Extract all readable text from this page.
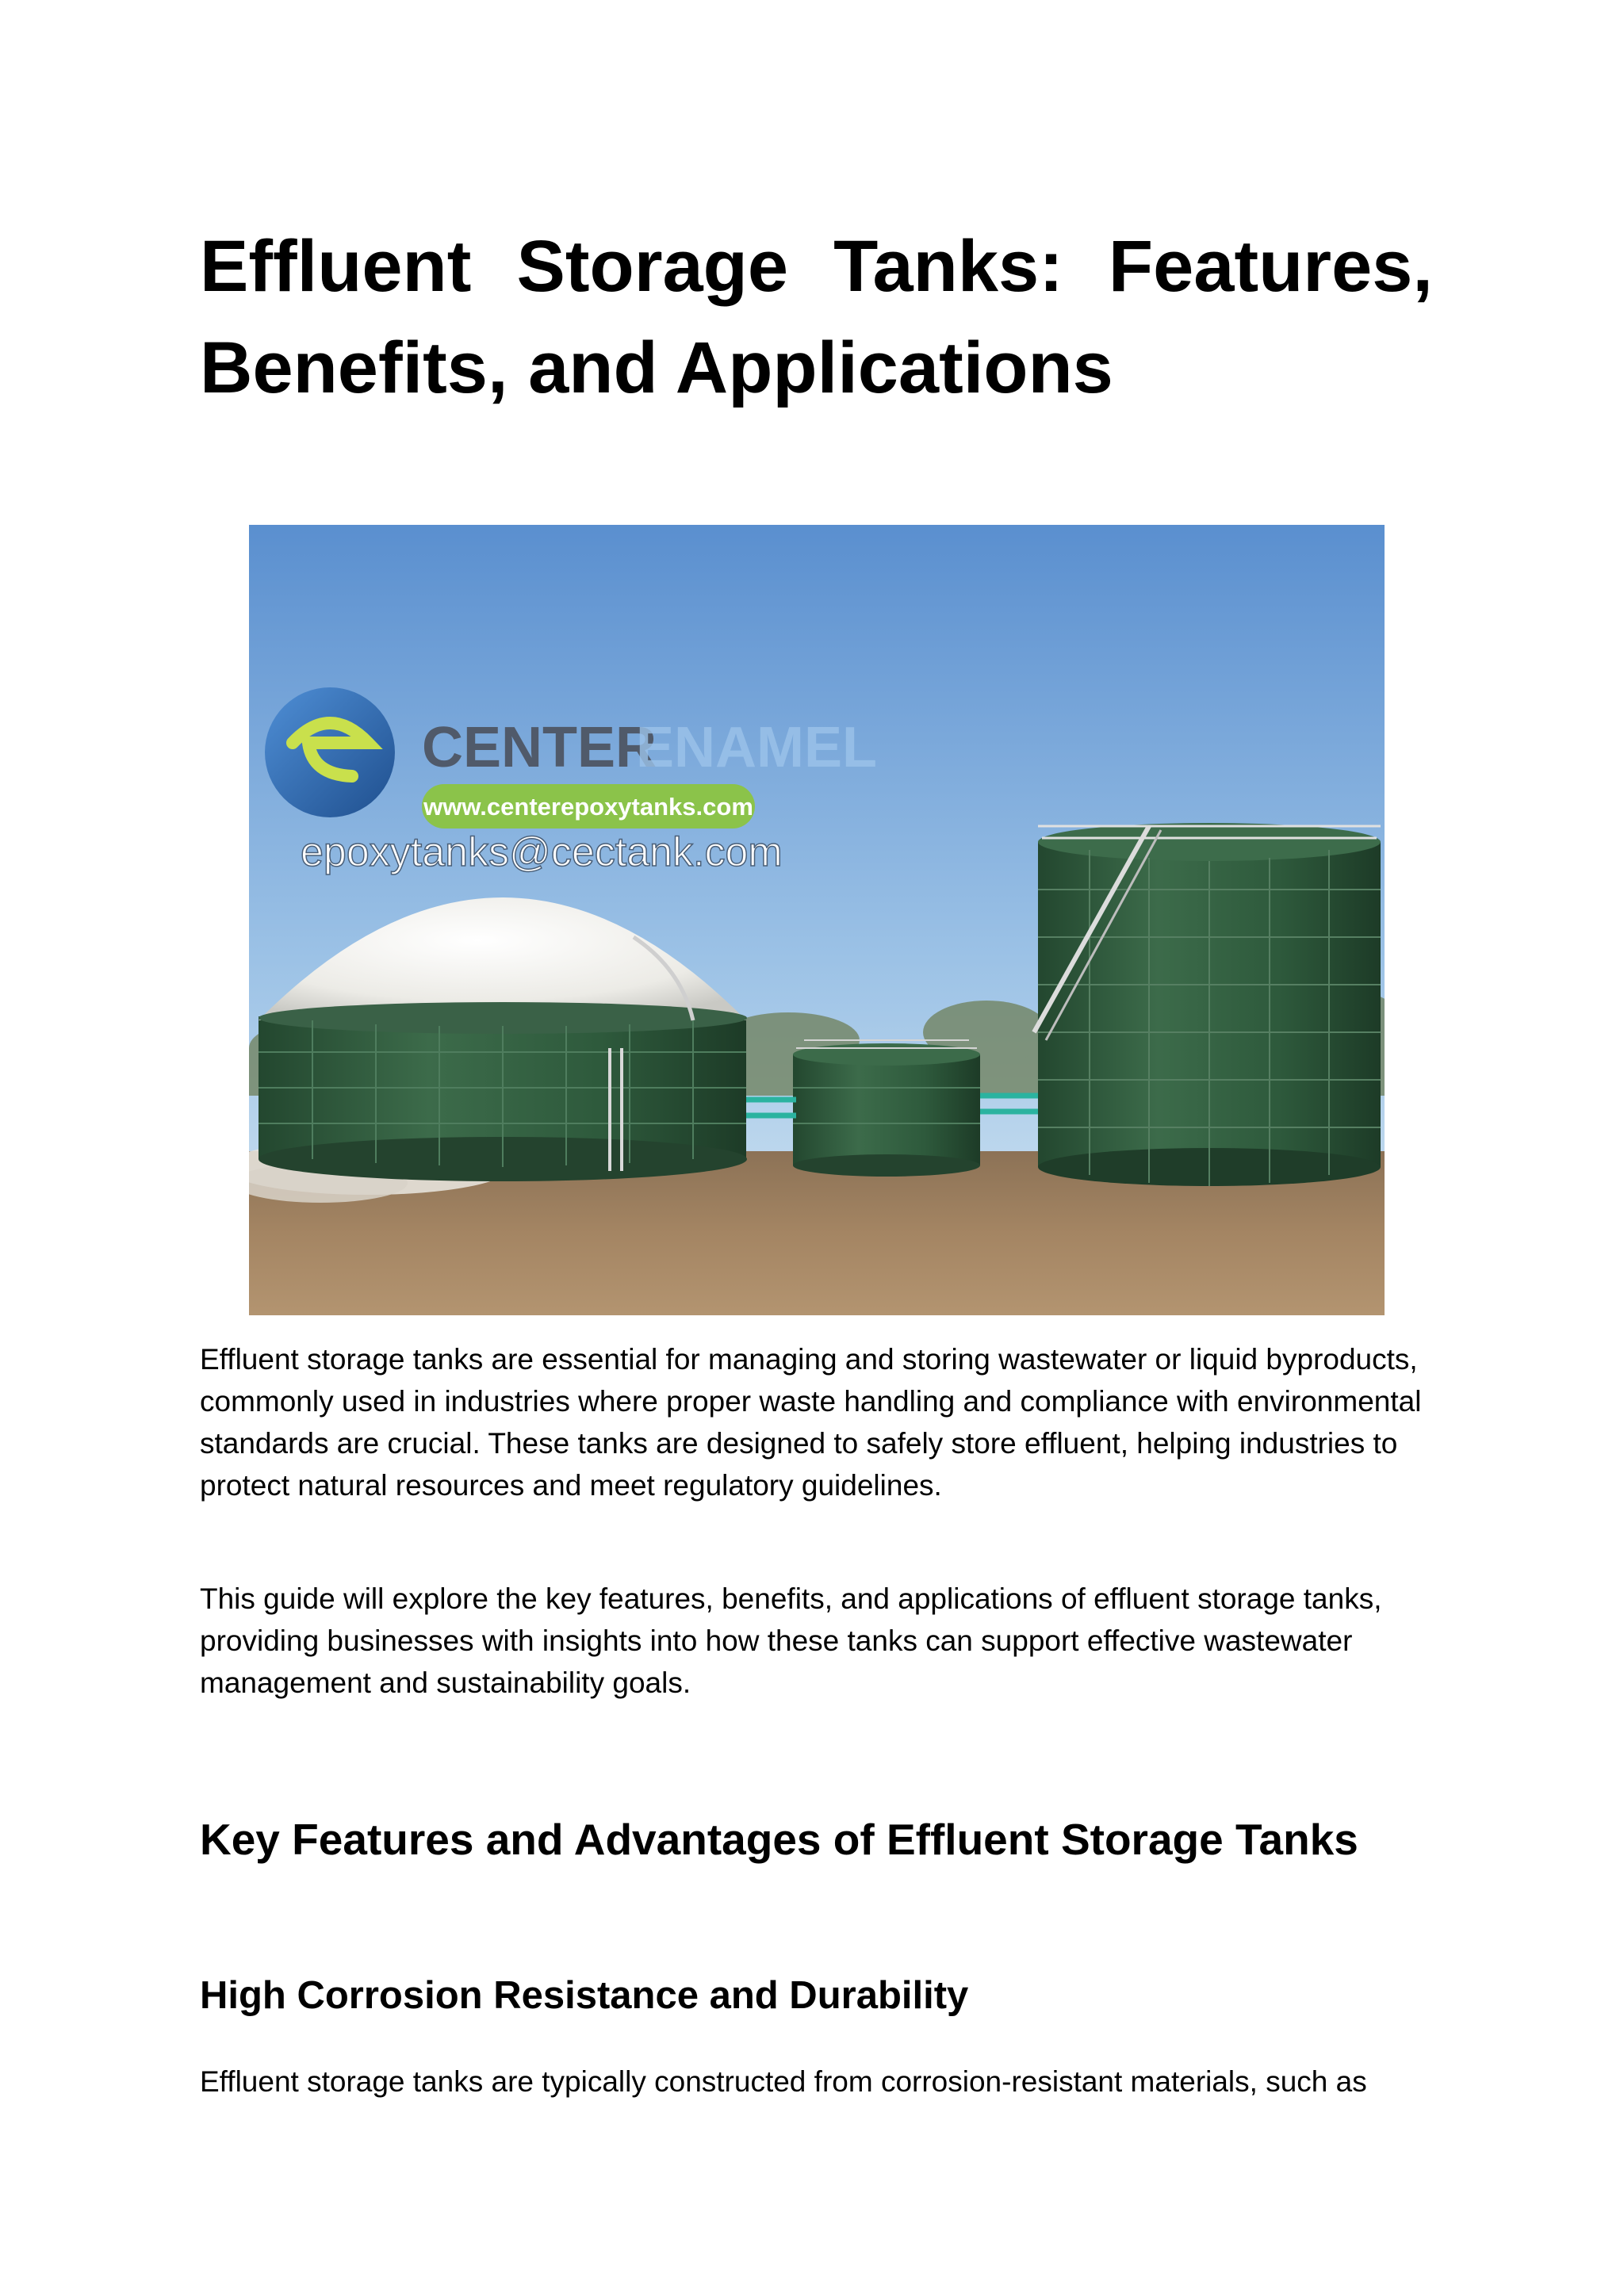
Effluent Storage Tanks: Features,
Benefits, and Applications
CENTER
ENAMEL
www.centerepoxytanks.com
epoxytanks@cectank.com

Effluent storage tanks are essential for managing and storing wastewater or liquid byproducts, commonly used in industries where proper waste handling and compliance with environmental standards are crucial. These tanks are designed to safely store effluent, helping industries to protect natural resources and meet regulatory guidelines.

This guide will explore the key features, benefits, and applications of effluent storage tanks, providing businesses with insights into how these tanks can support effective wastewater management and sustainability goals.

Key Features and Advantages of Effluent Storage Tanks
High Corrosion Resistance and Durability

Effluent storage tanks are typically constructed from corrosion-resistant materials, such as
